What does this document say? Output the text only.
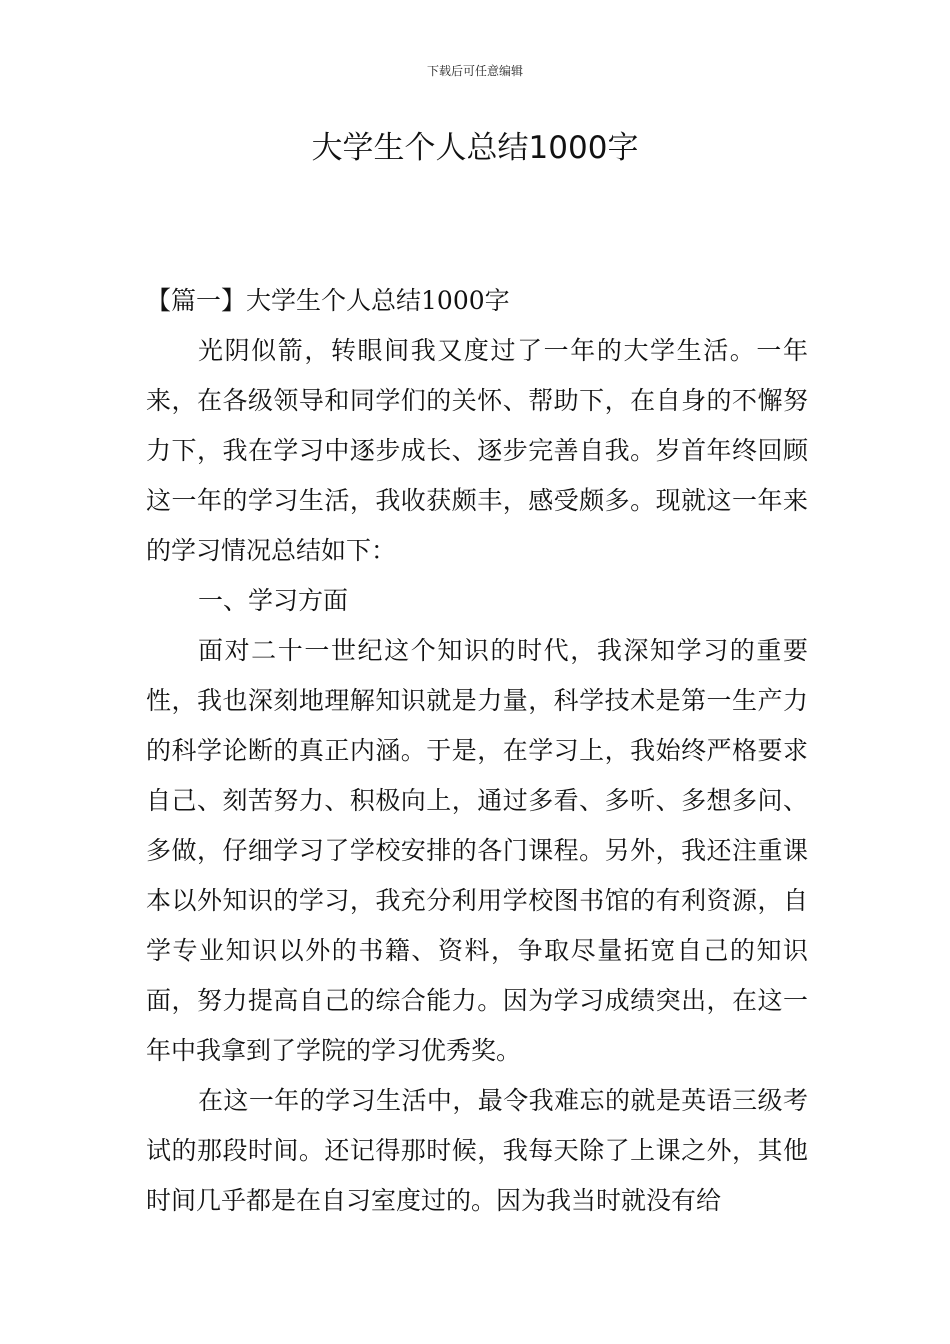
下载后可任意编辑
大学生个人总结1000字

【篇一】大学生个人总结1000字

光阴似箭，转眼间我又度过了一年的大学生活。一年来，在各级领导和同学们的关怀、帮助下，在自身的不懈努力下，我在学习中逐步成长、逐步完善自我。岁首年终回顾这一年的学习生活，我收获颇丰，感受颇多。现就这一年来的学习情况总结如下：

一、学习方面

面对二十一世纪这个知识的时代，我深知学习的重要性，我也深刻地理解知识就是力量，科学技术是第一生产力的科学论断的真正内涵。于是，在学习上，我始终严格要求自己、刻苦努力、积极向上，通过多看、多听、多想多问、多做，仔细学习了学校安排的各门课程。另外，我还注重课本以外知识的学习，我充分利用学校图书馆的有利资源，自学专业知识以外的书籍、资料，争取尽量拓宽自己的知识面，努力提高自己的综合能力。因为学习成绩突出，在这一年中我拿到了学院的学习优秀奖。

在这一年的学习生活中，最令我难忘的就是英语三级考试的那段时间。还记得那时候，我每天除了上课之外，其他时间几乎都是在自习室度过的。因为我当时就没有给
